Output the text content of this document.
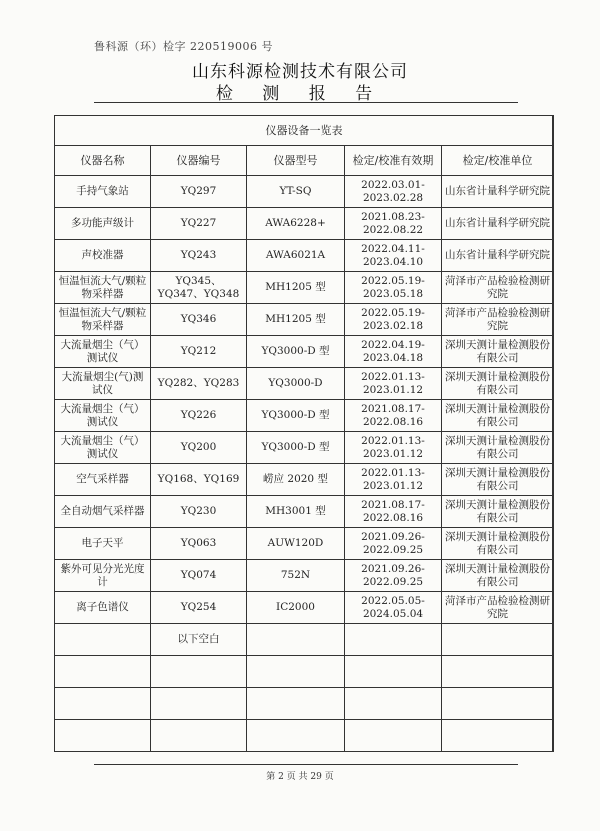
鲁科源（环）检字 220519006 号
山东科源检测技术有限公司
检 测 报 告
仪器设备一览表				
仪器名称	仪器编号	仪器型号	检定/校准有效期	检定/校准单位
手持气象站	YQ297	YT-SQ	2022.03.01-2023.02.28	山东省计量科学研究院
多功能声级计	YQ227	AWA6228+	2021.08.23-2022.08.22	山东省计量科学研究院
声校准器	YQ243	AWA6021A	2022.04.11-2023.04.10	山东省计量科学研究院
恒温恒流大气/颗粒物采样器	YQ345、YQ347、YQ348	MH1205 型	2022.05.19-2023.05.18	菏泽市产品检验检测研究院
恒温恒流大气/颗粒物采样器	YQ346	MH1205 型	2022.05.19-2023.02.18	菏泽市产品检验检测研究院
大流量烟尘（气）测试仪	YQ212	YQ3000-D 型	2022.04.19-2023.04.18	深圳天测计量检测股份有限公司
大流量烟尘(气)测试仪	YQ282、YQ283	YQ3000-D	2022.01.13-2023.01.12	深圳天测计量检测股份有限公司
大流量烟尘（气）测试仪	YQ226	YQ3000-D 型	2021.08.17-2022.08.16	深圳天测计量检测股份有限公司
大流量烟尘（气）测试仪	YQ200	YQ3000-D 型	2022.01.13-2023.01.12	深圳天测计量检测股份有限公司
空气采样器	YQ168、YQ169	崂应 2020 型	2022.01.13-2023.01.12	深圳天测计量检测股份有限公司
全自动烟气采样器	YQ230	MH3001 型	2021.08.17-2022.08.16	深圳天测计量检测股份有限公司
电子天平	YQ063	AUW120D	2021.09.26-2022.09.25	深圳天测计量检测股份有限公司
紫外可见分光光度计	YQ074	752N	2021.09.26-2022.09.25	深圳天测计量检测股份有限公司
离子色谱仪	YQ254	IC2000	2022.05.05-2024.05.04	菏泽市产品检验检测研究院
	以下空白			

第 2 页 共 29 页
